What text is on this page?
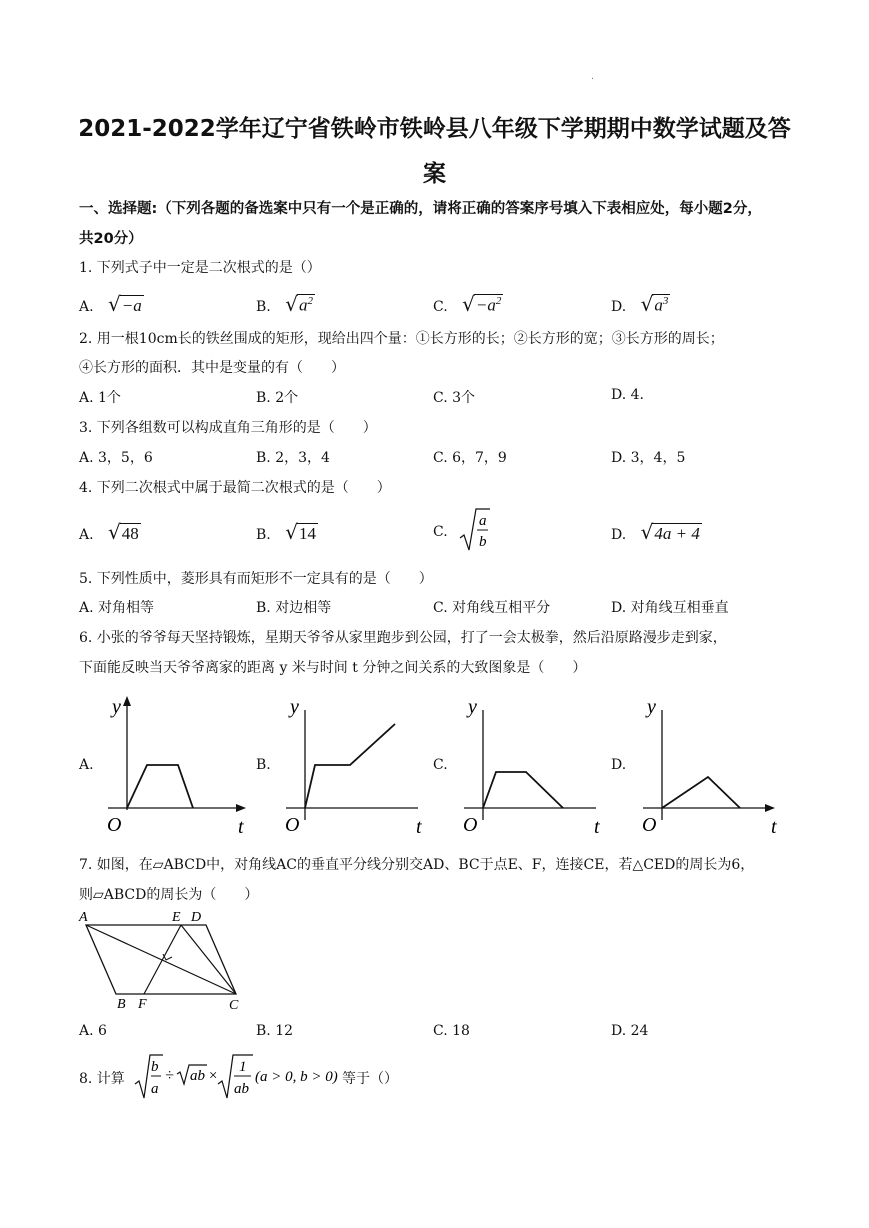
.
2021-2022学年辽宁省铁岭市铁岭县八年级下学期期中数学试题及答
案
一、选择题:（下列各题的备选案中只有一个是正确的，请将正确的答案序号填入下表相应处，每小题2分，
共20分）
1. 下列式子中一定是二次根式的是（）
A. √−a	B. $√a^2$	C. $√-a^2$	D. $√a^3$
2. 用一根10cm长的铁丝围成的矩形，现给出四个量：①长方形的长；②长方形的宽；③长方形的周长；
④长方形的面积．其中是变量的有（　　）
A. 1个	B. 2个	C. 3个	D. 4.
3. 下列各组数可以构成直角三角形的是（　　）
A. 3，5，6	B. 2，3，4	C. 6，7，9	D. 3，4，5
4. 下列二次根式中属于最简二次根式的是（　　）
A. √48	B. √14	C.
a
b	D. √4a + 4
5. 下列性质中，菱形具有而矩形不一定具有的是（　　）
A. 对角相等	B. 对边相等	C. 对角线互相平分	D. 对角线互相垂直
6. 小张的爷爷每天坚持锻炼，星期天爷爷从家里跑步到公园，打了一会太极拳，然后沿原路漫步走到家，
下面能反映当天爷爷离家的距离 y 米与时间 t 分钟之间关系的大致图象是（　　）
A.	B.	C.	D.
y
O	t
y
O	t
y
O	t
y
O	t
7. 如图，在▱ABCD中，对角线AC的垂直平分线分别交AD、BC于点E、F，连接CE，若△CED的周长为6，
则▱ABCD的周长为（　　）
A	E D
B F	C
A. 6	B. 12	C. 18	D. 24
8. 计算
b
a
÷ ab ×
1
ab
(a > 0, b > 0) 等于（）
